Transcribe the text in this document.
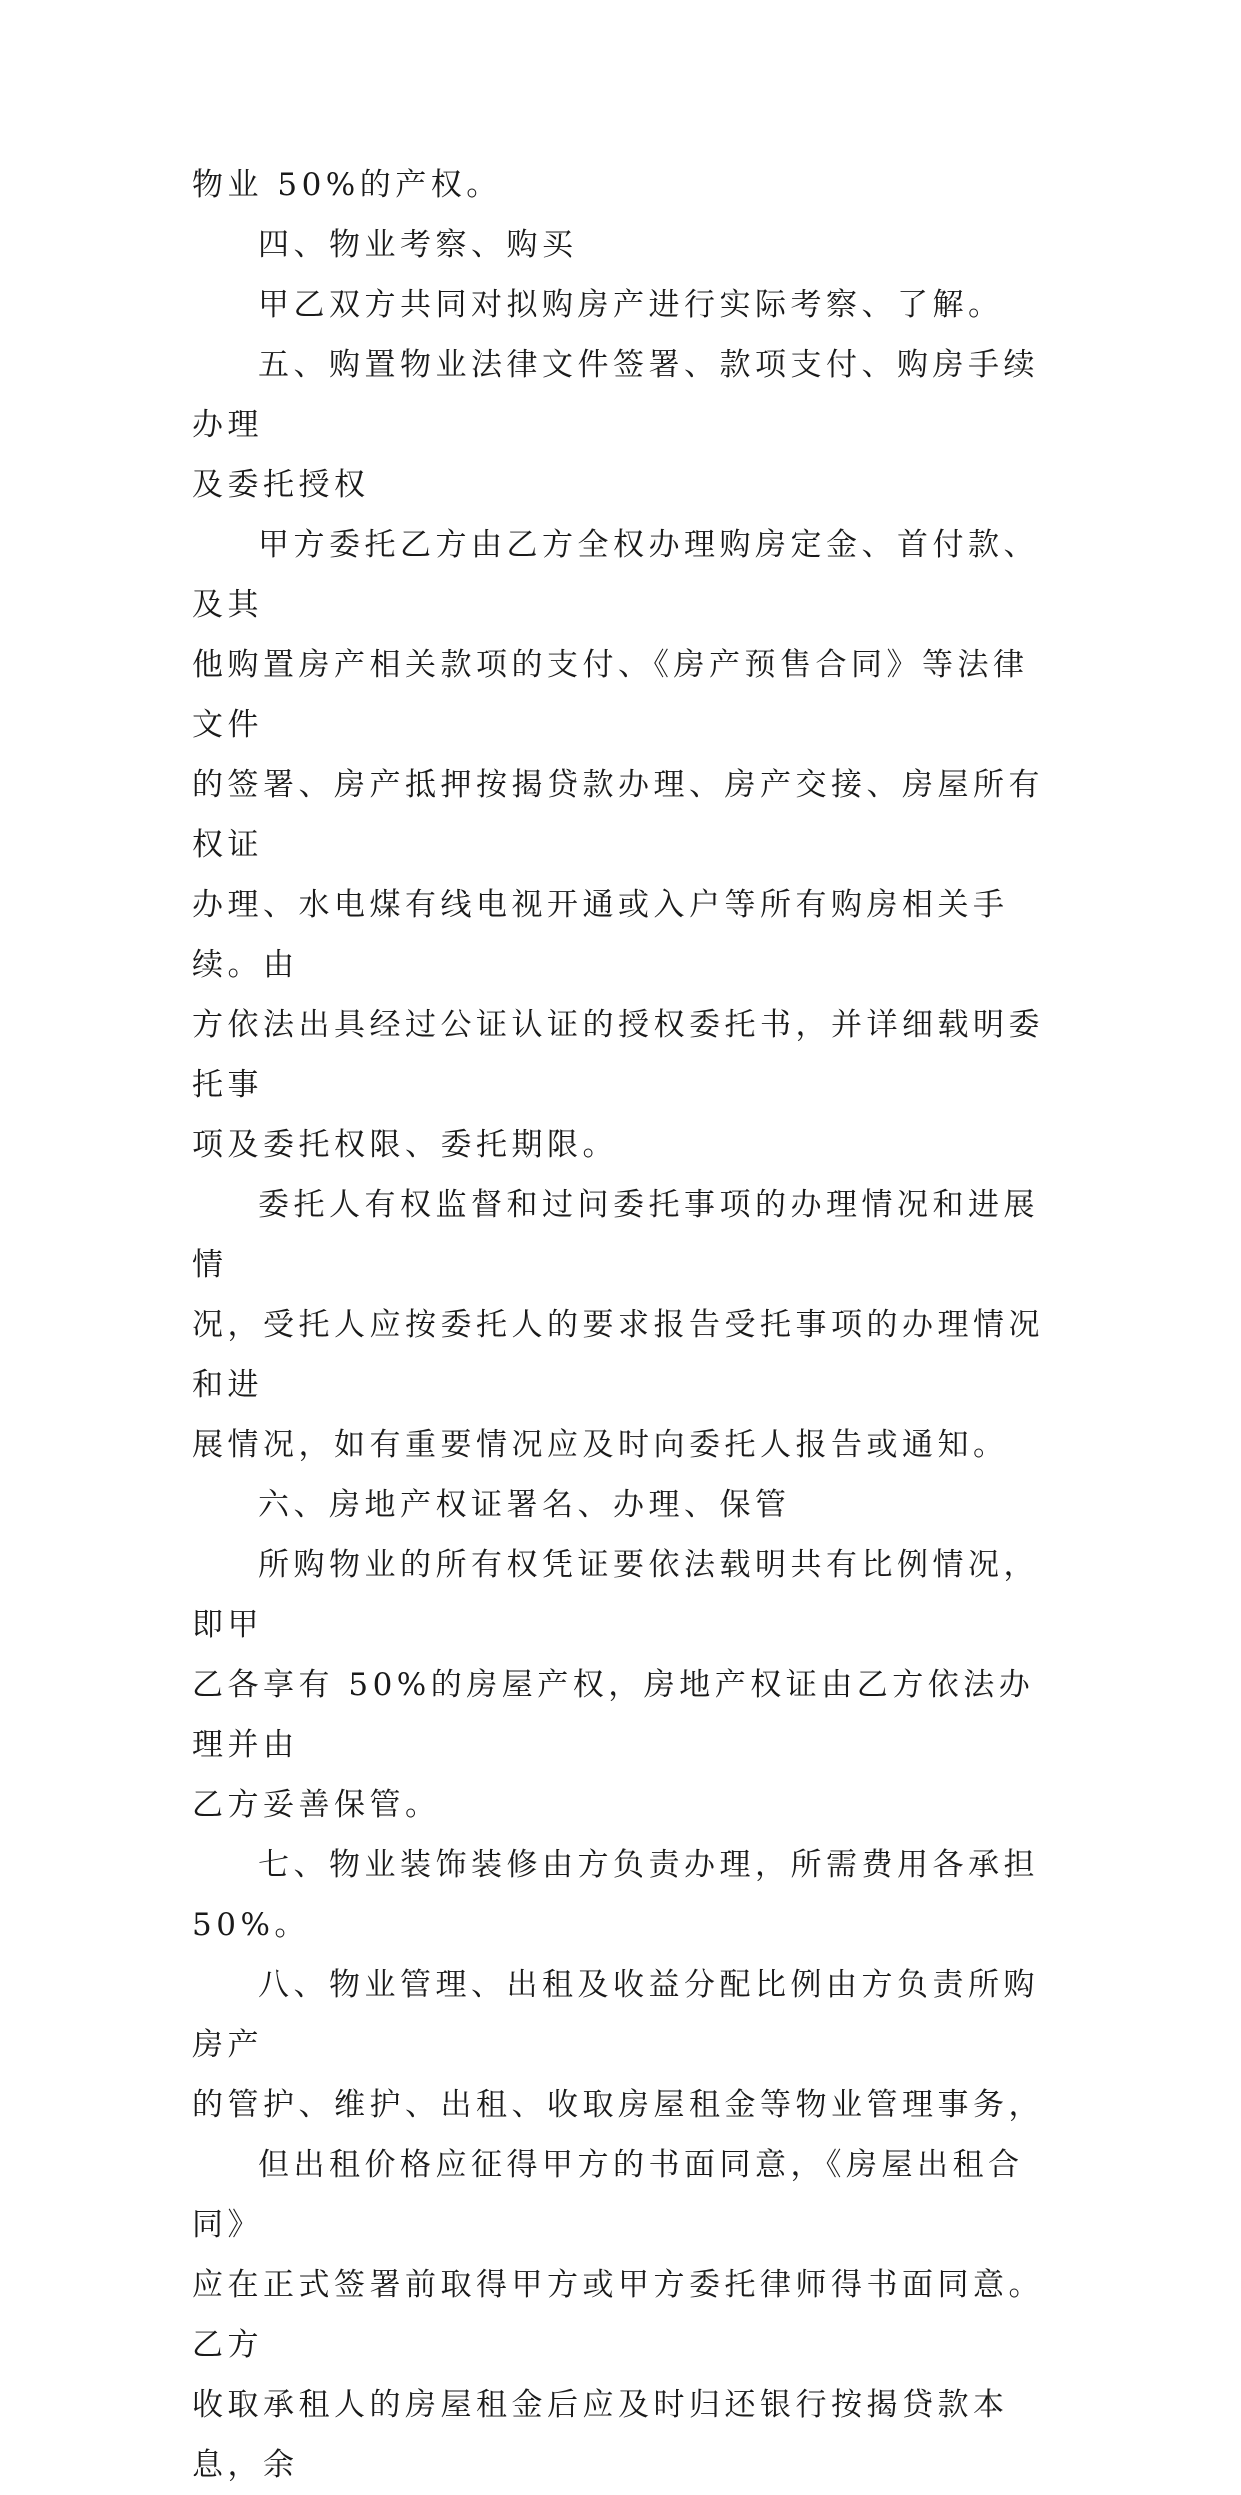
物业 50%的产权。

四、物业考察、购买

甲乙双方共同对拟购房产进行实际考察、了解。

五、购置物业法律文件签署、款项支付、购房手续办理
及委托授权

甲方委托乙方由乙方全权办理购房定金、首付款、及其
他购置房产相关款项的支付、《房产预售合同》等法律文件
的签署、房产抵押按揭贷款办理、房产交接、房屋所有权证
办理、水电煤有线电视开通或入户等所有购房相关手续。由
方依法出具经过公证认证的授权委托书，并详细载明委托事
项及委托权限、委托期限。

委托人有权监督和过问委托事项的办理情况和进展情
况，受托人应按委托人的要求报告受托事项的办理情况和进
展情况，如有重要情况应及时向委托人报告或通知。

六、房地产权证署名、办理、保管

所购物业的所有权凭证要依法载明共有比例情况，即甲
乙各享有 50%的房屋产权，房地产权证由乙方依法办理并由
乙方妥善保管。

七、物业装饰装修由方负责办理，所需费用各承担 50%。

八、物业管理、出租及收益分配比例由方负责所购房产
的管护、维护、出租、收取房屋租金等物业管理事务，

但出租价格应征得甲方的书面同意，《房屋出租合同》
应在正式签署前取得甲方或甲方委托律师得书面同意。乙方
收取承租人的房屋租金后应及时归还银行按揭贷款本息，余
